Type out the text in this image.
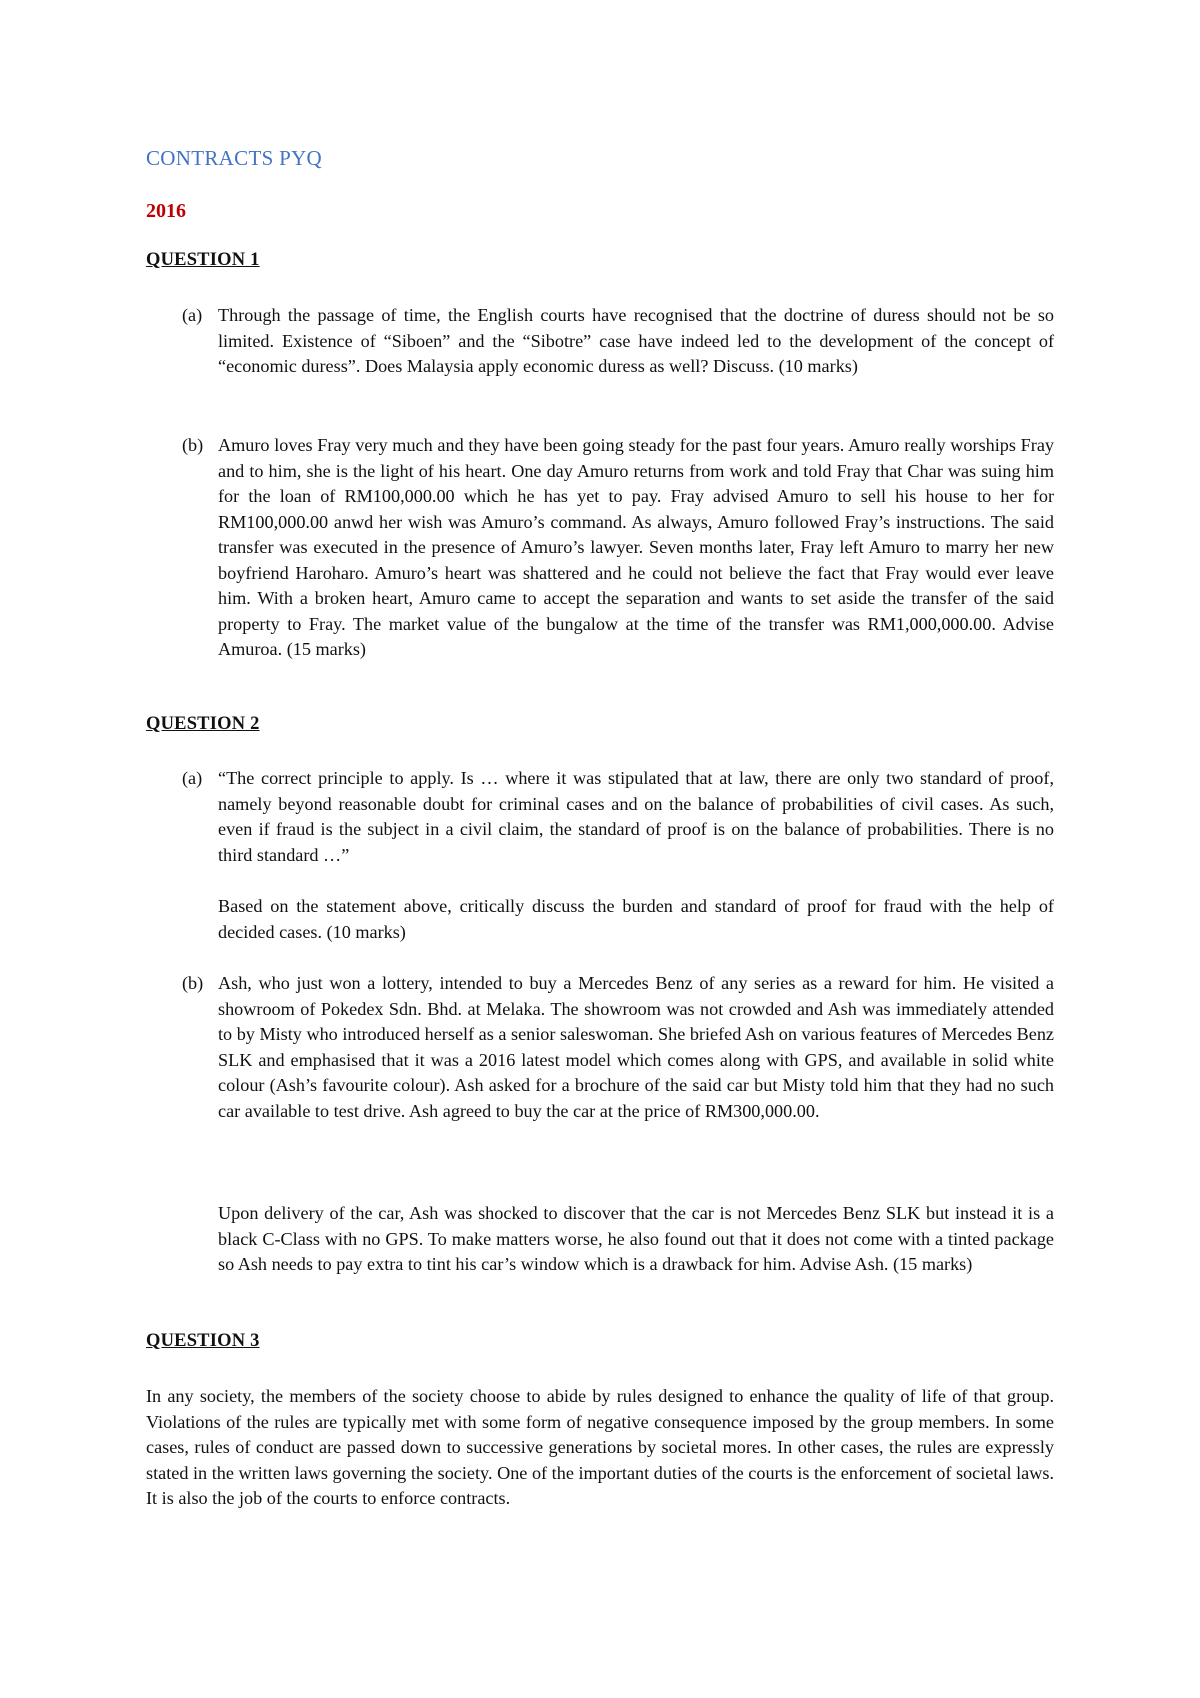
CONTRACTS PYQ
2016
QUESTION 1
(a) Through the passage of time, the English courts have recognised that the doctrine of duress should not be so limited. Existence of “Siboen” and the “Sibotre” case have indeed led to the development of the concept of “economic duress”. Does Malaysia apply economic duress as well? Discuss. (10 marks)
(b) Amuro loves Fray very much and they have been going steady for the past four years. Amuro really worships Fray and to him, she is the light of his heart. One day Amuro returns from work and told Fray that Char was suing him for the loan of RM100,000.00 which he has yet to pay. Fray advised Amuro to sell his house to her for RM100,000.00 anwd her wish was Amuro’s command. As always, Amuro followed Fray’s instructions. The said transfer was executed in the presence of Amuro’s lawyer. Seven months later, Fray left Amuro to marry her new boyfriend Haroharo. Amuro’s heart was shattered and he could not believe the fact that Fray would ever leave him. With a broken heart, Amuro came to accept the separation and wants to set aside the transfer of the said property to Fray. The market value of the bungalow at the time of the transfer was RM1,000,000.00. Advise Amuroa. (15 marks)
QUESTION 2
(a) “The correct principle to apply. Is … where it was stipulated that at law, there are only two standard of proof, namely beyond reasonable doubt for criminal cases and on the balance of probabilities of civil cases. As such, even if fraud is the subject in a civil claim, the standard of proof is on the balance of probabilities. There is no third standard …”
Based on the statement above, critically discuss the burden and standard of proof for fraud with the help of decided cases. (10 marks)
(b) Ash, who just won a lottery, intended to buy a Mercedes Benz of any series as a reward for him. He visited a showroom of Pokedex Sdn. Bhd. at Melaka. The showroom was not crowded and Ash was immediately attended to by Misty who introduced herself as a senior saleswoman. She briefed Ash on various features of Mercedes Benz SLK and emphasised that it was a 2016 latest model which comes along with GPS, and available in solid white colour (Ash’s favourite colour). Ash asked for a brochure of the said car but Misty told him that they had no such car available to test drive. Ash agreed to buy the car at the price of RM300,000.00.
Upon delivery of the car, Ash was shocked to discover that the car is not Mercedes Benz SLK but instead it is a black C-Class with no GPS. To make matters worse, he also found out that it does not come with a tinted package so Ash needs to pay extra to tint his car’s window which is a drawback for him. Advise Ash. (15 marks)
QUESTION 3
In any society, the members of the society choose to abide by rules designed to enhance the quality of life of that group. Violations of the rules are typically met with some form of negative consequence imposed by the group members. In some cases, rules of conduct are passed down to successive generations by societal mores. In other cases, the rules are expressly stated in the written laws governing the society. One of the important duties of the courts is the enforcement of societal laws. It is also the job of the courts to enforce contracts.
